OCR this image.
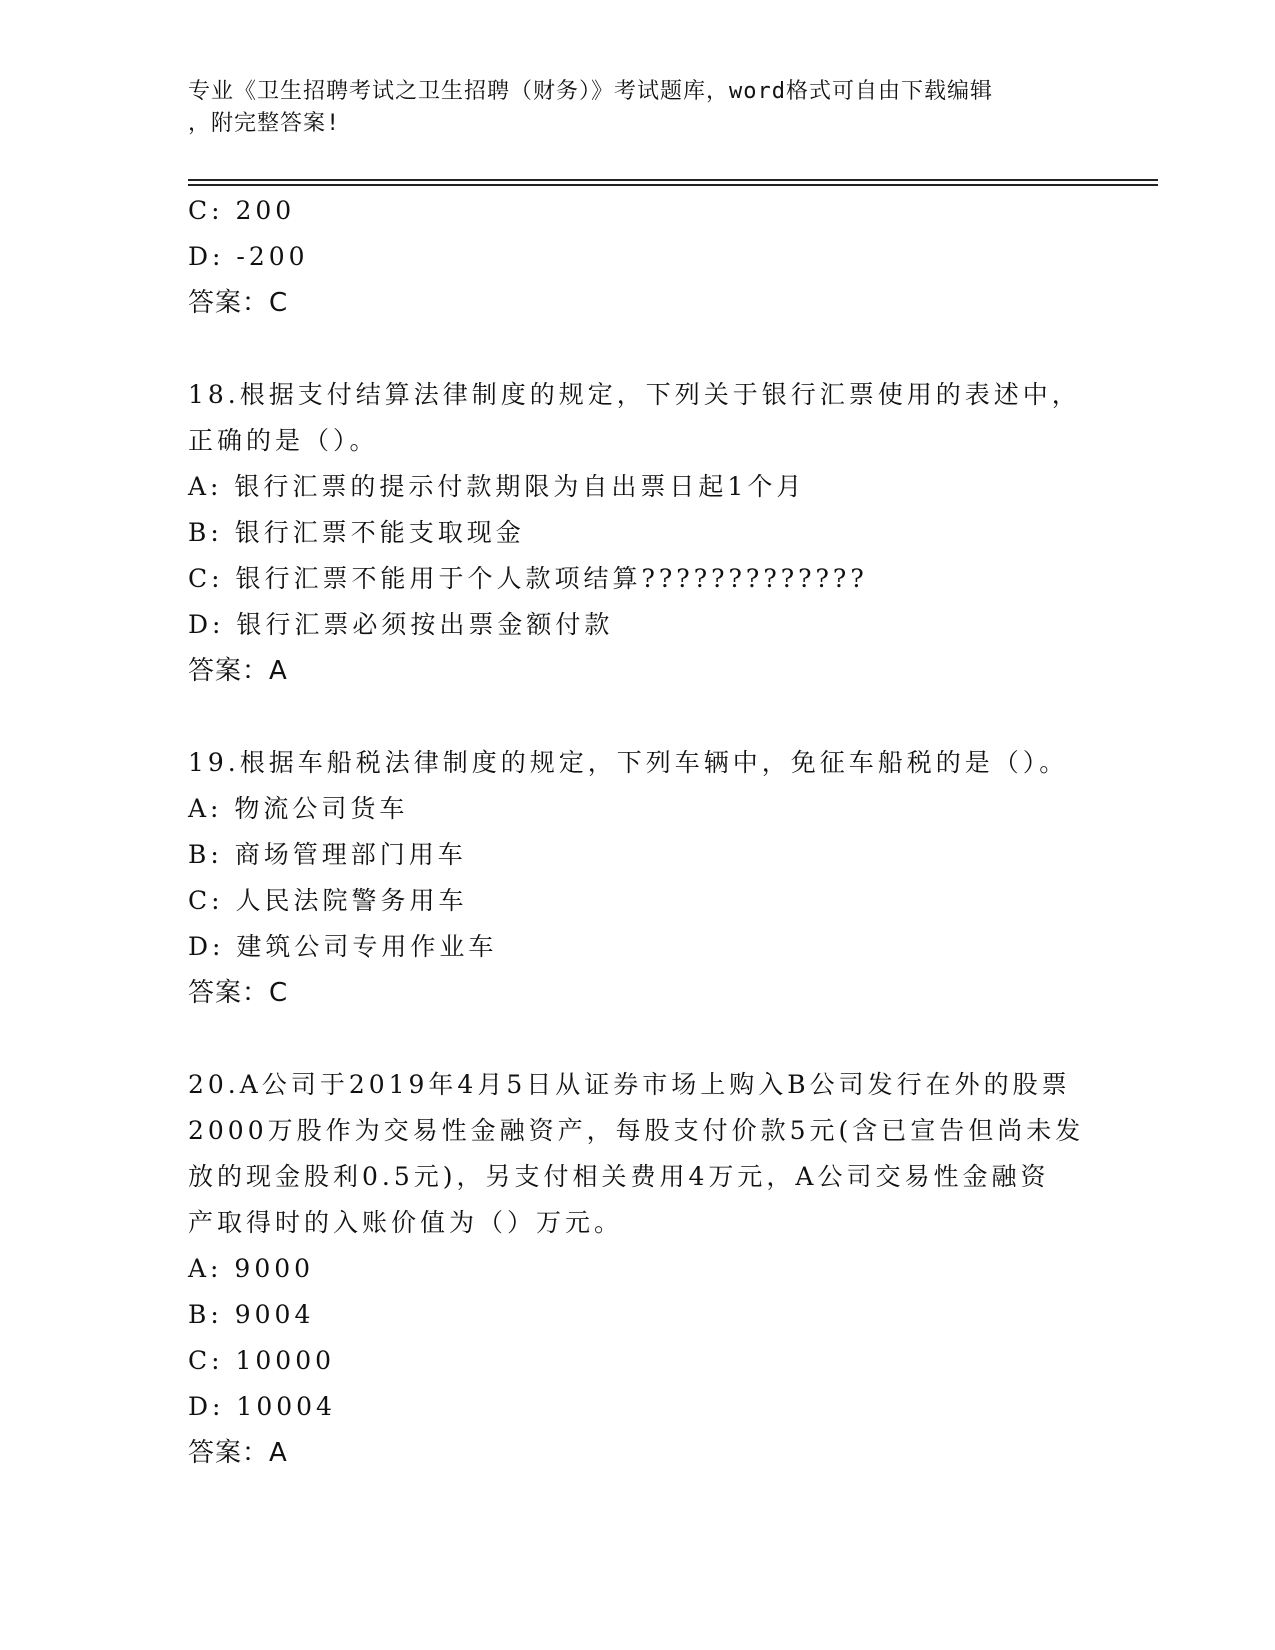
专业《卫生招聘考试之卫生招聘（财务）》考试题库，word格式可自由下载编辑
，附完整答案!
C: 200
D: -200
答案：C
18.根据支付结算法律制度的规定，下列关于银行汇票使用的表述中，
正确的是（）。
A: 银行汇票的提示付款期限为自出票日起1个月
B: 银行汇票不能支取现金
C: 银行汇票不能用于个人款项结算?????????????
D: 银行汇票必须按出票金额付款
答案：A
19.根据车船税法律制度的规定，下列车辆中，免征车船税的是（）。
A: 物流公司货车
B: 商场管理部门用车
C: 人民法院警务用车
D: 建筑公司专用作业车
答案：C
20.A公司于2019年4月5日从证券市场上购入B公司发行在外的股票
2000万股作为交易性金融资产，每股支付价款5元(含已宣告但尚未发
放的现金股利0.5元)，另支付相关费用4万元，A公司交易性金融资
产取得时的入账价值为（）万元。
A: 9000
B: 9004
C: 10000
D: 10004
答案：A
